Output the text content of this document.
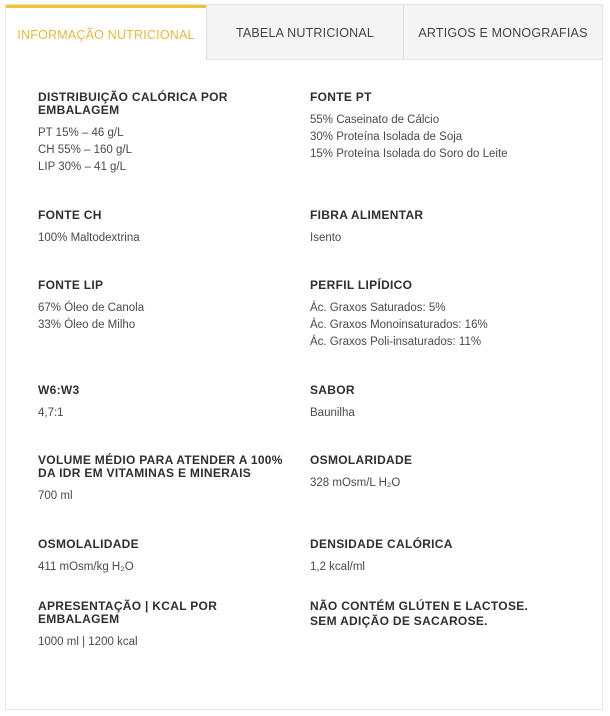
INFORMAÇÃO NUTRICIONAL	TABELA NUTRICIONAL	ARTIGOS E MONOGRAFIAS
DISTRIBUIÇÃO CALÓRICA POR EMBALAGEM
PT 15% – 46 g/L
CH 55% – 160 g/L
LIP 30% – 41 g/L
FONTE PT
55% Caseinato de Cálcio
30% Proteína Isolada de Soja
15% Proteína Isolada do Soro do Leite
FONTE CH
100% Maltodextrina
FIBRA ALIMENTAR
Isento
FONTE LIP
67% Óleo de Canola
33% Óleo de Milho
PERFIL LIPÍDICO
Ác. Graxos Saturados: 5%
Ác. Graxos Monoinsaturados: 16%
Ác. Graxos Poli-insaturados: 11%
W6:W3
4,7:1
SABOR
Baunilha
VOLUME MÉDIO PARA ATENDER A 100% DA IDR EM VITAMINAS E MINERAIS
700 ml
OSMOLARIDADE
328 mOsm/L H₂O
OSMOLALIDADE
411 mOsm/kg H₂O
DENSIDADE CALÓRICA
1,2 kcal/ml
APRESENTAÇÃO | KCAL POR EMBALAGEM
1000 ml | 1200 kcal
NÃO CONTÉM GLÚTEN E LACTOSE.
SEM ADIÇÃO DE SACAROSE.
